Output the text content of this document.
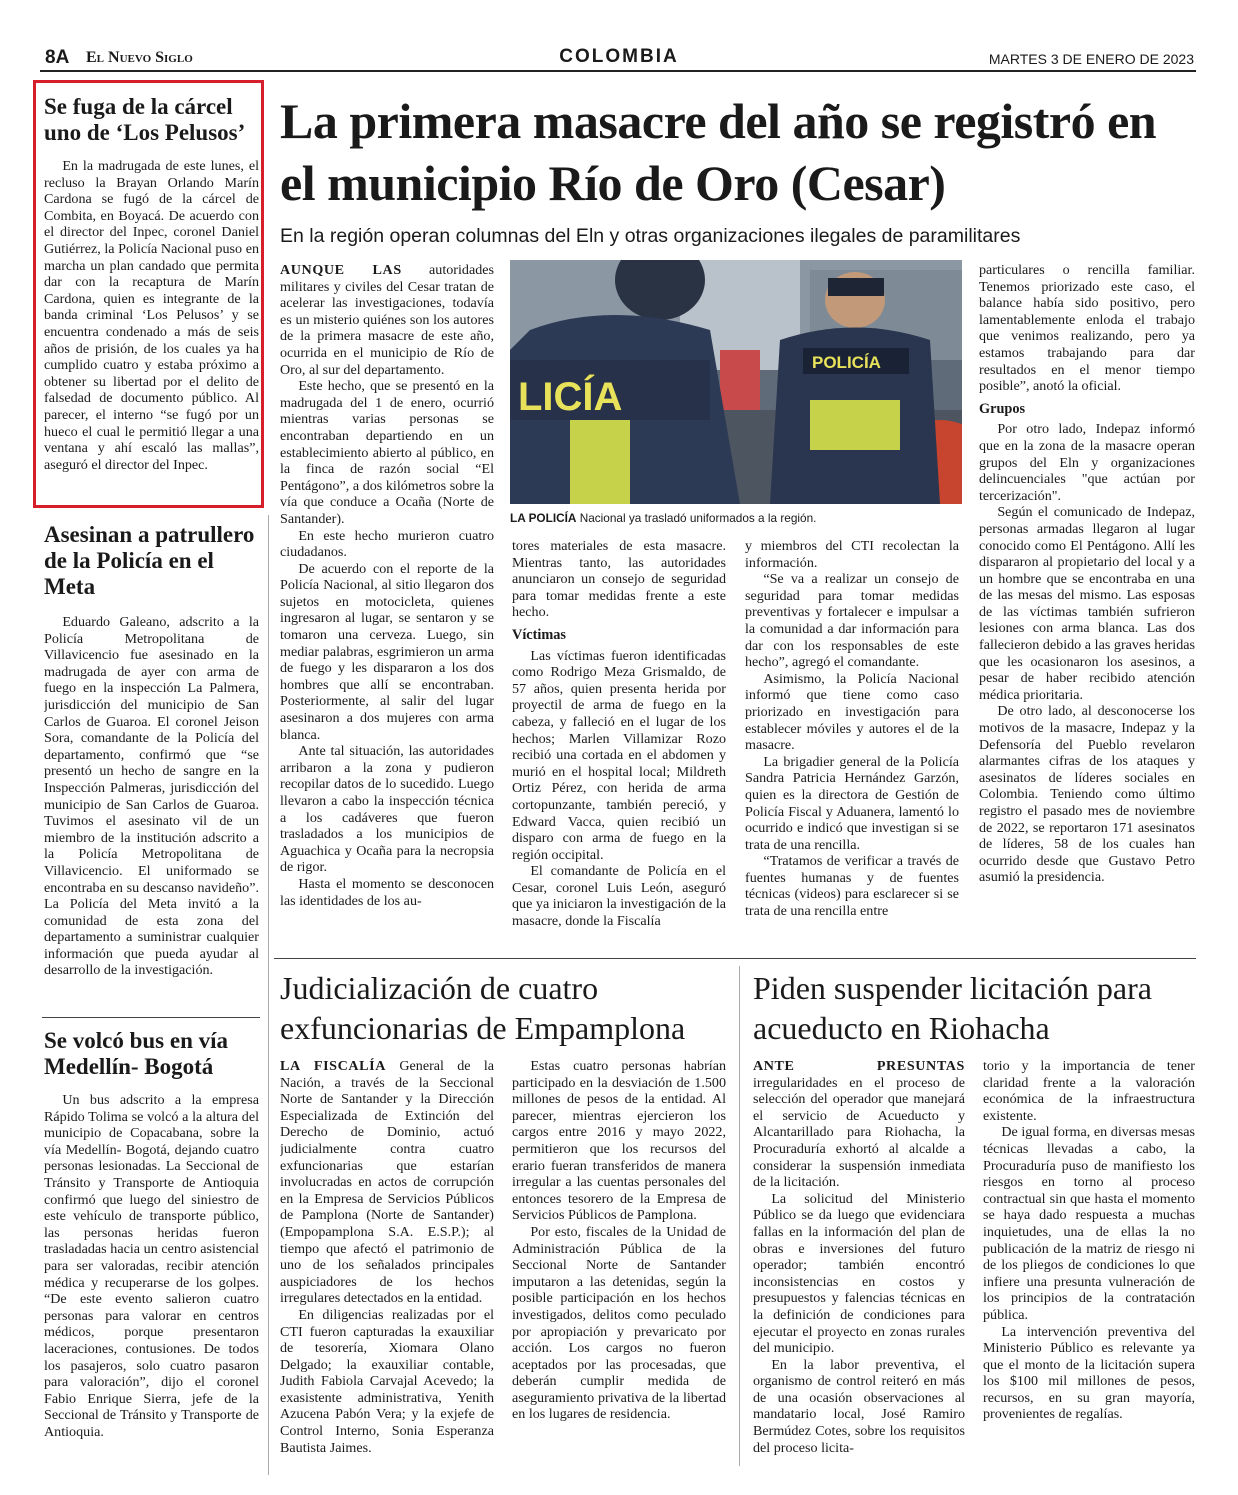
8A El Nuevo Siglo	COLOMBIA	MARTES 3 DE ENERO DE 2023
Se fuga de la cárcel uno de ‘Los Pelusos’

En la madrugada de este lunes, el recluso la Brayan Orlando Marín Cardona se fugó de la cárcel de Combita, en Boyacá. De acuerdo con el director del Inpec, coronel Daniel Gutiérrez, la Policía Nacional puso en marcha un plan candado que permita dar con la recaptura de Marín Cardona, quien es integrante de la banda criminal ‘Los Pelusos’ y se encuentra condenado a más de seis años de prisión, de los cuales ya ha cumplido cuatro y estaba próximo a obtener su libertad por el delito de falsedad de documento público. Al parecer, el interno “se fugó por un hueco el cual le permitió llegar a una ventana y ahí escaló las mallas”, aseguró el director del Inpec.

Asesinan a patrullero de la Policía en el Meta

Eduardo Galeano, adscrito a la Policía Metropolitana de Villavicencio fue asesinado en la madrugada de ayer con arma de fuego en la inspección La Palmera, jurisdicción del municipio de San Carlos de Guaroa. El coronel Jeison Sora, comandante de la Policía del departamento, confirmó que “se presentó un hecho de sangre en la Inspección Palmeras, jurisdicción del municipio de San Carlos de Guaroa. Tuvimos el asesinato vil de un miembro de la institución adscrito a la Policía Metropolitana de Villavicencio. El uniformado se encontraba en su descanso navideño”. La Policía del Meta invitó a la comunidad de esta zona del departamento a suministrar cualquier información que pueda ayudar al desarrollo de la investigación.

Se volcó bus en vía Medellín- Bogotá

Un bus adscrito a la empresa Rápido Tolima se volcó a la altura del municipio de Copacabana, sobre la vía Medellín- Bogotá, dejando cuatro personas lesionadas. La Seccional de Tránsito y Transporte de Antioquia confirmó que luego del siniestro de este vehículo de transporte público, las personas heridas fueron trasladadas hacia un centro asistencial para ser valoradas, recibir atención médica y recuperarse de los golpes. “De este evento salieron cuatro personas para valorar en centros médicos, porque presentaron laceraciones, contusiones. De todos los pasajeros, solo cuatro pasaron para valoración”, dijo el coronel Fabio Enrique Sierra, jefe de la Seccional de Tránsito y Transporte de Antioquia.

La primera masacre del año se registró en el municipio Río de Oro (Cesar)
En la región operan columnas del Eln y otras organizaciones ilegales de paramilitares
LICÍA
POLICÍA
LA POLICÍA Nacional ya trasladó uniformados a la región.

AUNQUE LAS autoridades militares y civiles del Cesar tratan de acelerar las investigaciones, todavía es un misterio quiénes son los autores de la primera masacre de este año, ocurrida en el municipio de Río de Oro, al sur del departamento.

Este hecho, que se presentó en la madrugada del 1 de enero, ocurrió mientras varias personas se encontraban departiendo en un establecimiento abierto al público, en la finca de razón social “El Pentágono”, a dos kilómetros sobre la vía que conduce a Ocaña (Norte de Santander).

En este hecho murieron cuatro ciudadanos.

De acuerdo con el reporte de la Policía Nacional, al sitio llegaron dos sujetos en motocicleta, quienes ingresaron al lugar, se sentaron y se tomaron una cerveza. Luego, sin mediar palabras, esgrimieron un arma de fuego y les dispararon a los dos hombres que allí se encontraban. Posteriormente, al salir del lugar asesinaron a dos mujeres con arma blanca.

Ante tal situación, las autoridades arribaron a la zona y pudieron recopilar datos de lo sucedido. Luego llevaron a cabo la inspección técnica a los cadáveres que fueron trasladados a los municipios de Aguachica y Ocaña para la necropsia de rigor.

Hasta el momento se desconocen las identidades de los au-

tores materiales de esta masacre. Mientras tanto, las autoridades anunciaron un consejo de seguridad para tomar medidas frente a este hecho.

Víctimas

Las víctimas fueron identificadas como Rodrigo Meza Grismaldo, de 57 años, quien presenta herida por proyectil de arma de fuego en la cabeza, y falleció en el lugar de los hechos; Marlen Villamizar Rozo recibió una cortada en el abdomen y murió en el hospital local; Mildreth Ortiz Pérez, con herida de arma cortopunzante, también pereció, y Edward Vacca, quien recibió un disparo con arma de fuego en la región occipital.

El comandante de Policía en el Cesar, coronel Luis León, aseguró que ya iniciaron la investigación de la masacre, donde la Fiscalía

y miembros del CTI recolectan la información.

“Se va a realizar un consejo de seguridad para tomar medidas preventivas y fortalecer e impulsar a la comunidad a dar información para dar con los responsables de este hecho”, agregó el comandante.

Asimismo, la Policía Nacional informó que tiene como caso priorizado en investigación para establecer móviles y autores el de la masacre.

La brigadier general de la Policía Sandra Patricia Hernández Garzón, quien es la directora de Gestión de Policía Fiscal y Aduanera, lamentó lo ocurrido e indicó que investigan si se trata de una rencilla.

“Tratamos de verificar a través de fuentes humanas y de fuentes técnicas (videos) para esclarecer si se trata de una rencilla entre

particulares o rencilla familiar. Tenemos priorizado este caso, el balance había sido positivo, pero lamentablemente enloda el trabajo que venimos realizando, pero ya estamos trabajando para dar resultados en el menor tiempo posible”, anotó la oficial.

Grupos

Por otro lado, Indepaz informó que en la zona de la masacre operan grupos del Eln y organizaciones delincuenciales "que actúan por tercerización".

Según el comunicado de Indepaz, personas armadas llegaron al lugar conocido como El Pentágono. Allí les dispararon al propietario del local y a un hombre que se encontraba en una de las mesas del mismo. Las esposas de las víctimas también sufrieron lesiones con arma blanca. Las dos fallecieron debido a las graves heridas que les ocasionaron los asesinos, a pesar de haber recibido atención médica prioritaria.

De otro lado, al desconocerse los motivos de la masacre, Indepaz y la Defensoría del Pueblo revelaron alarmantes cifras de los ataques y asesinatos de líderes sociales en Colombia. Teniendo como último registro el pasado mes de noviembre de 2022, se reportaron 171 asesinatos de líderes, 58 de los cuales han ocurrido desde que Gustavo Petro asumió la presidencia.

Judicialización de cuatro exfuncionarias de Empamplona

LA FISCALÍA General de la Nación, a través de la Seccional Norte de Santander y la Dirección Especializada de Extinción del Derecho de Dominio, actuó judicialmente contra cuatro exfuncionarias que estarían involucradas en actos de corrupción en la Empresa de Servicios Públicos de Pamplona (Norte de Santander) (Empopamplona S.A. E.S.P.); al tiempo que afectó el patrimonio de uno de los señalados principales auspiciadores de los hechos irregulares detectados en la entidad.

En diligencias realizadas por el CTI fueron capturadas la exauxiliar de tesorería, Xiomara Olano Delgado; la exauxiliar contable, Judith Fabiola Carvajal Acevedo; la exasistente administrativa, Yenith Azucena Pabón Vera; y la exjefe de Control Interno, Sonia Esperanza Bautista Jaimes.

Estas cuatro personas habrían participado en la desviación de 1.500 millones de pesos de la entidad. Al parecer, mientras ejercieron los cargos entre 2016 y mayo 2022, permitieron que los recursos del erario fueran transferidos de manera irregular a las cuentas personales del entonces tesorero de la Empresa de Servicios Públicos de Pamplona.

Por esto, fiscales de la Unidad de Administración Pública de la Seccional Norte de Santander imputaron a las detenidas, según la posible participación en los hechos investigados, delitos como peculado por apropiación y prevaricato por acción. Los cargos no fueron aceptados por las procesadas, que deberán cumplir medida de aseguramiento privativa de la libertad en los lugares de residencia.

Piden suspender licitación para acueducto en Riohacha

ANTE PRESUNTAS irregularidades en el proceso de selección del operador que manejará el servicio de Acueducto y Alcantarillado para Riohacha, la Procuraduría exhortó al alcalde a considerar la suspensión inmediata de la licitación.

La solicitud del Ministerio Público se da luego que evidenciara fallas en la información del plan de obras e inversiones del futuro operador; también encontró inconsistencias en costos y presupuestos y falencias técnicas en la definición de condiciones para ejecutar el proyecto en zonas rurales del municipio.

En la labor preventiva, el organismo de control reiteró en más de una ocasión observaciones al mandatario local, José Ramiro Bermúdez Cotes, sobre los requisitos del proceso licita-

torio y la importancia de tener claridad frente a la valoración económica de la infraestructura existente.

De igual forma, en diversas mesas técnicas llevadas a cabo, la Procuraduría puso de manifiesto los riesgos en torno al proceso contractual sin que hasta el momento se haya dado respuesta a muchas inquietudes, una de ellas la no publicación de la matriz de riesgo ni de los pliegos de condiciones lo que infiere una presunta vulneración de los principios de la contratación pública.

La intervención preventiva del Ministerio Público es relevante ya que el monto de la licitación supera los $100 mil millones de pesos, recursos, en su gran mayoría, provenientes de regalías.
